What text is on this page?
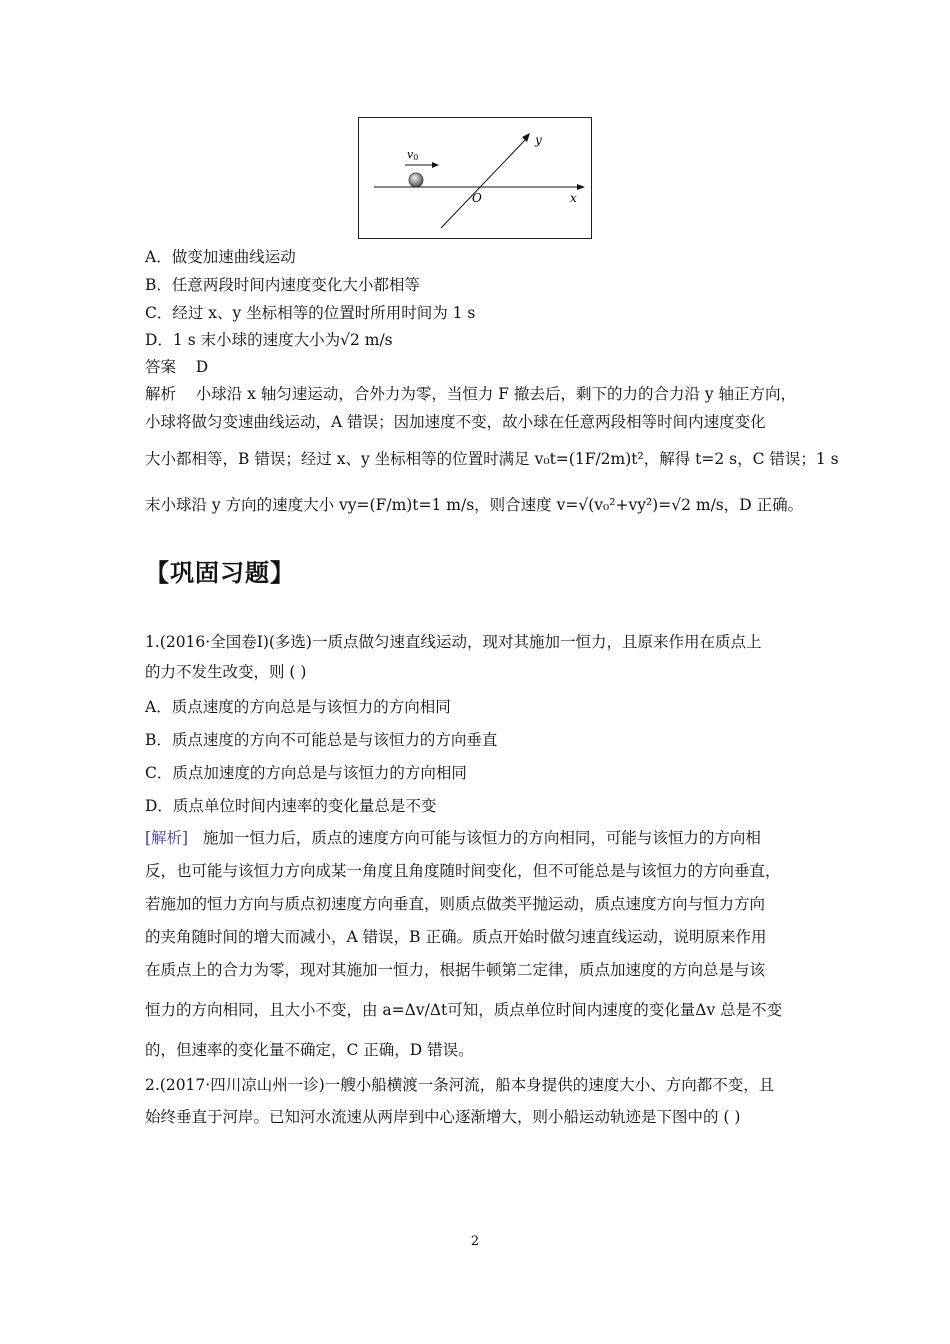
v0
x
y
O
A．做变加速曲线运动
B．任意两段时间内速度变化大小都相等
C．经过 x、y 坐标相等的位置时所用时间为 1 s
D．1 s 末小球的速度大小为√2 m/s
答案 D
解析 小球沿 x 轴匀速运动，合外力为零，当恒力 F 撤去后，剩下的力的合力沿 y 轴正方向，
小球将做匀变速曲线运动，A 错误；因加速度不变，故小球在任意两段相等时间内速度变化
大小都相等，B 错误；经过 x、y 坐标相等的位置时满足 v₀t=(1F/2m)t²，解得 t=2 s，C 错误；1 s
末小球沿 y 方向的速度大小 vy=(F/m)t=1 m/s，则合速度 v=√(v₀²+vy²)=√2 m/s，D 正确。
【巩固习题】
1.(2016·全国卷Ⅰ)(多选)一质点做匀速直线运动，现对其施加一恒力，且原来作用在质点上
的力不发生改变，则 ( )
A．质点速度的方向总是与该恒力的方向相同
B．质点速度的方向不可能总是与该恒力的方向垂直
C．质点加速度的方向总是与该恒力的方向相同
D．质点单位时间内速率的变化量总是不变
[解析] 施加一恒力后，质点的速度方向可能与该恒力的方向相同，可能与该恒力的方向相
反，也可能与该恒力方向成某一角度且角度随时间变化，但不可能总是与该恒力的方向垂直，
若施加的恒力方向与质点初速度方向垂直，则质点做类平抛运动，质点速度方向与恒力方向
的夹角随时间的增大而减小，A 错误，B 正确。质点开始时做匀速直线运动，说明原来作用
在质点上的合力为零，现对其施加一恒力，根据牛顿第二定律，质点加速度的方向总是与该
恒力的方向相同，且大小不变，由 a=Δv/Δt可知，质点单位时间内速度的变化量Δv 总是不变
的，但速率的变化量不确定，C 正确，D 错误。
2.(2017·四川凉山州一诊)一艘小船横渡一条河流，船本身提供的速度大小、方向都不变，且
始终垂直于河岸。已知河水流速从两岸到中心逐渐增大，则小船运动轨迹是下图中的 ( )
2
